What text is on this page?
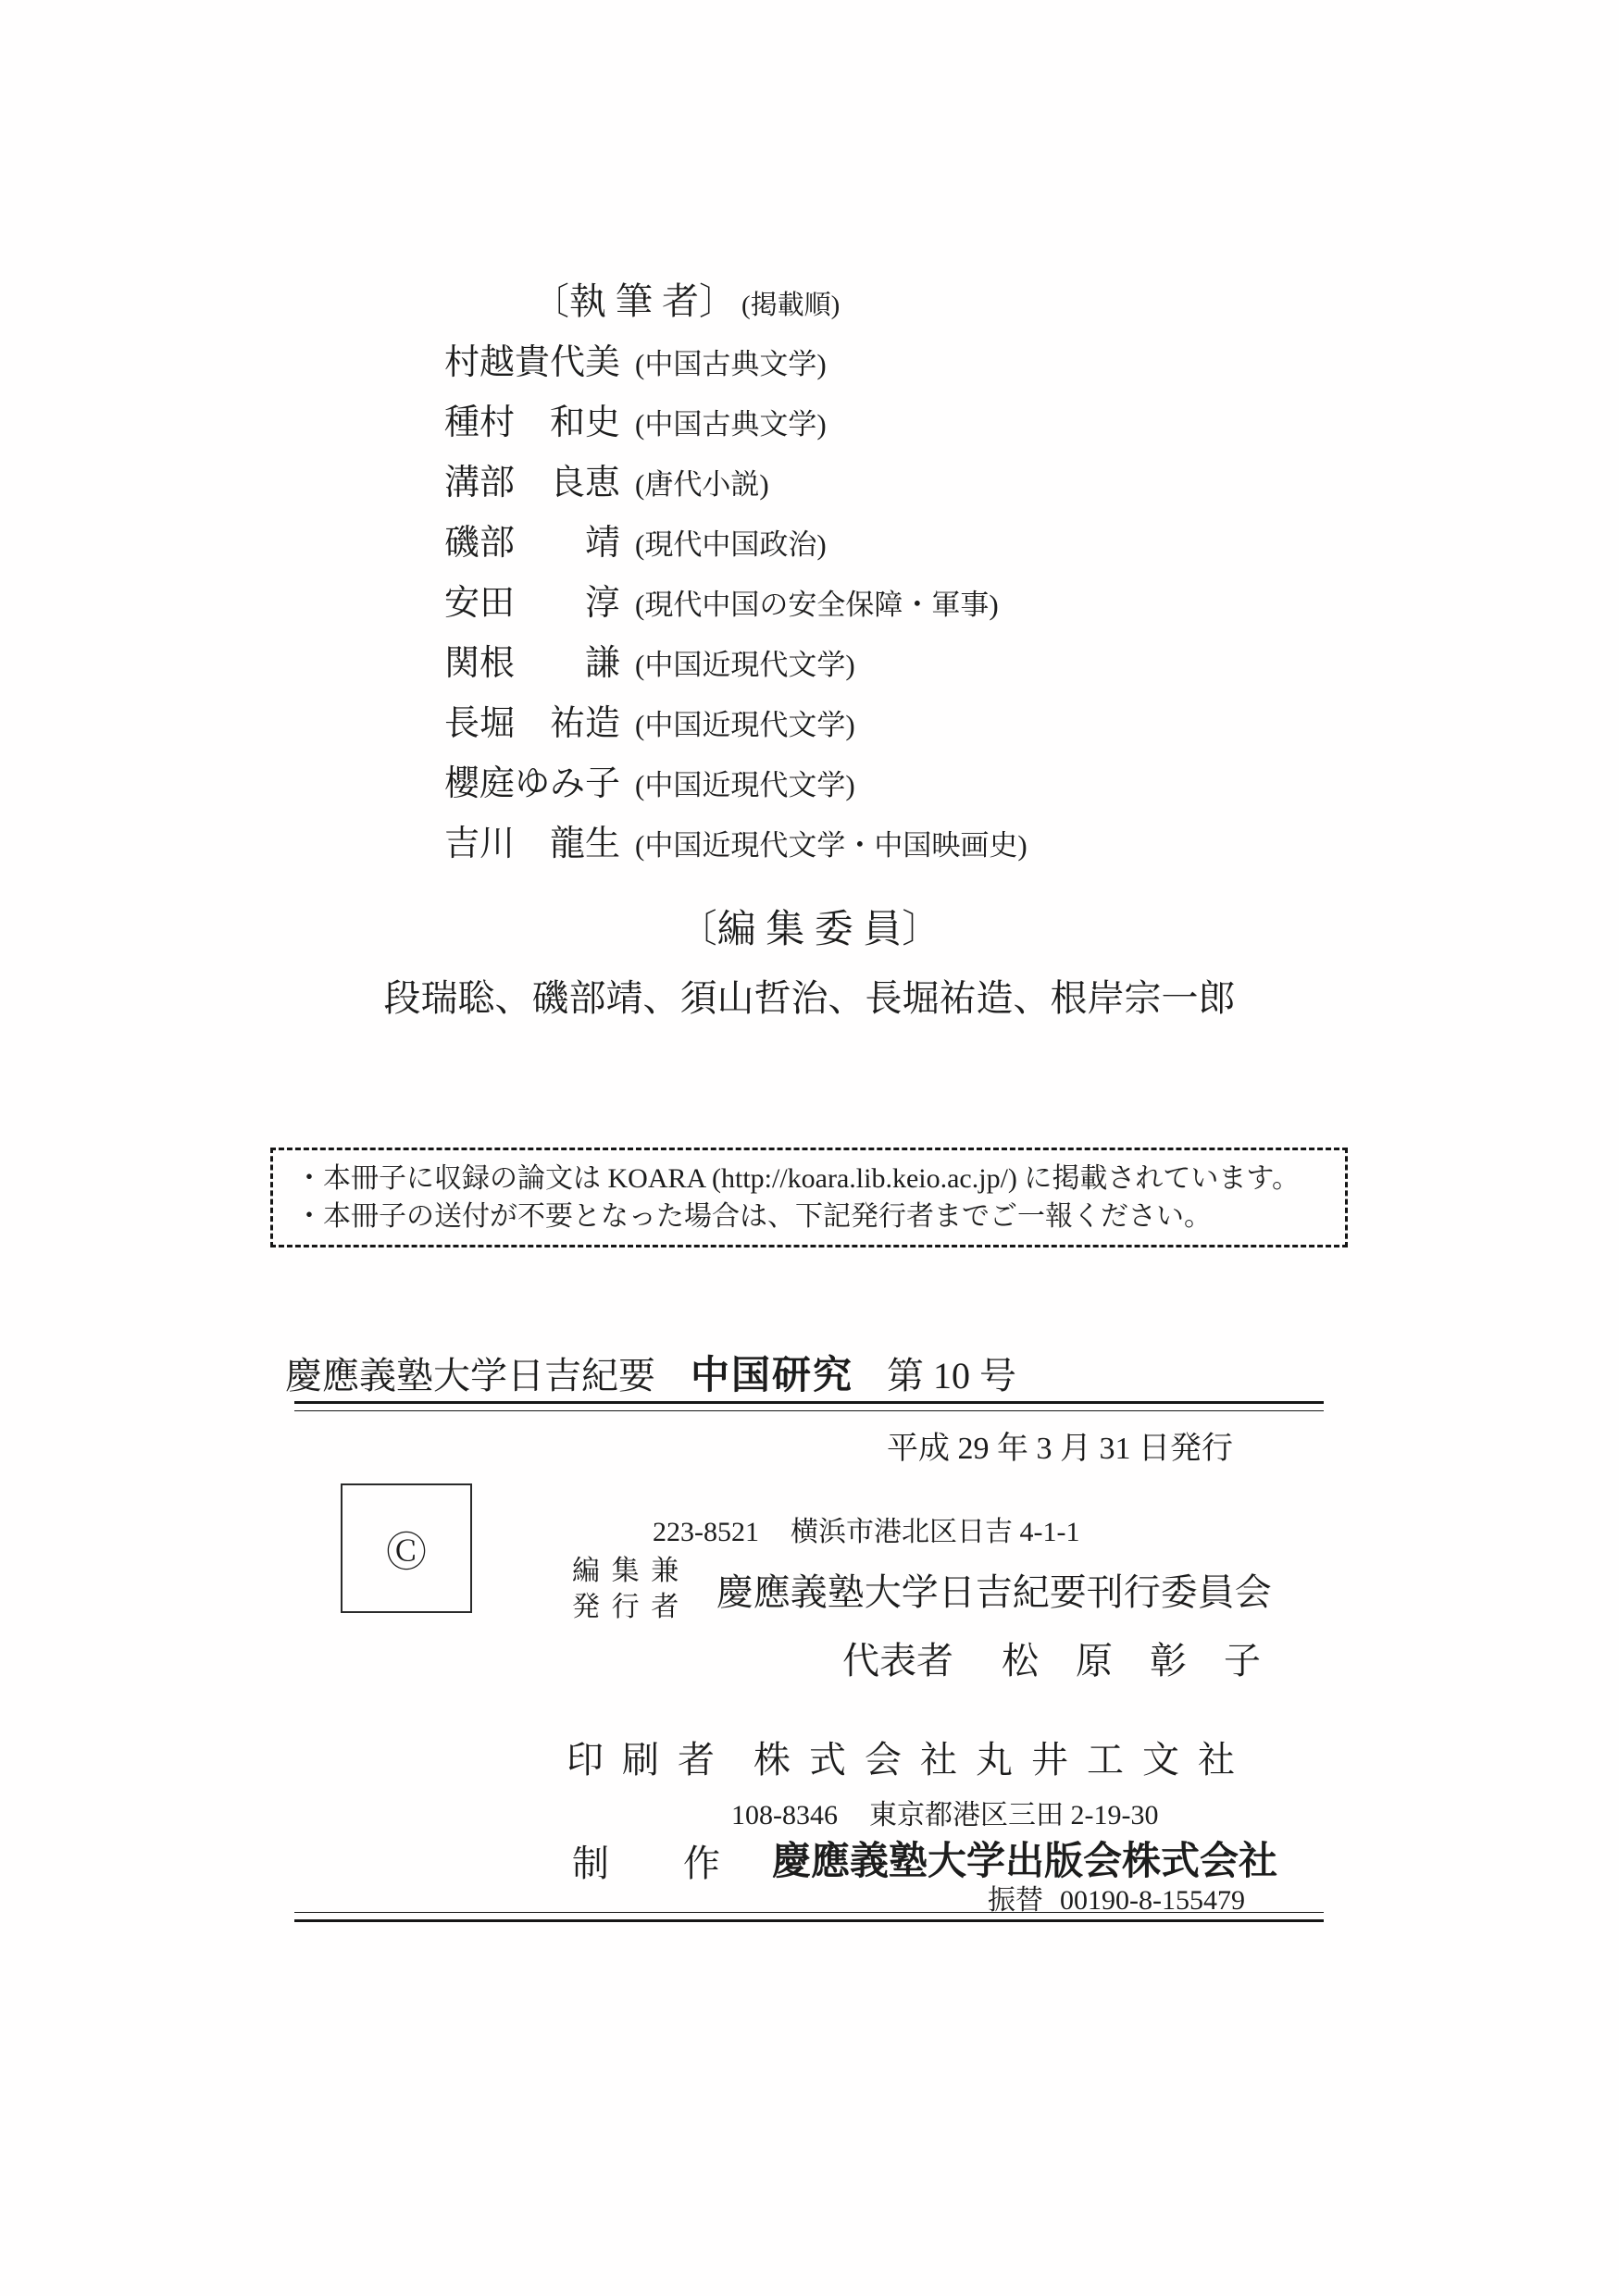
〔執 筆 者〕 (掲載順)
村越貴代美 (中国古典文学)
種村　和史 (中国古典文学)
溝部　良恵 (唐代小説)
磯部　　靖 (現代中国政治)
安田　　淳 (現代中国の安全保障・軍事)
関根　　謙 (中国近現代文学)
長堀　祐造 (中国近現代文学)
櫻庭ゆみ子 (中国近現代文学)
吉川　龍生 (中国近現代文学・中国映画史)
〔編 集 委 員〕
段瑞聡、磯部靖、須山哲治、長堀祐造、根岸宗一郎
・本冊子に収録の論文は KOARA (http://koara.lib.keio.ac.jp/) に掲載されています。
・本冊子の送付が不要となった場合は、下記発行者までご一報ください。
慶應義塾大学日吉紀要 中国研究 第 10 号
平成 29 年 3 月 31 日発行
Ⓒ	223-8521 横浜市港北区日吉 4-1-1
編集兼
発行者 慶應義塾大学日吉紀要刊行委員会
代表者 松　原　彰　子
印刷者 株式会社丸井工文社
108-8346 東京都港区三田 2-19-30
制　　作 慶應義塾大学出版会株式会社
振替 00190-8-155479
